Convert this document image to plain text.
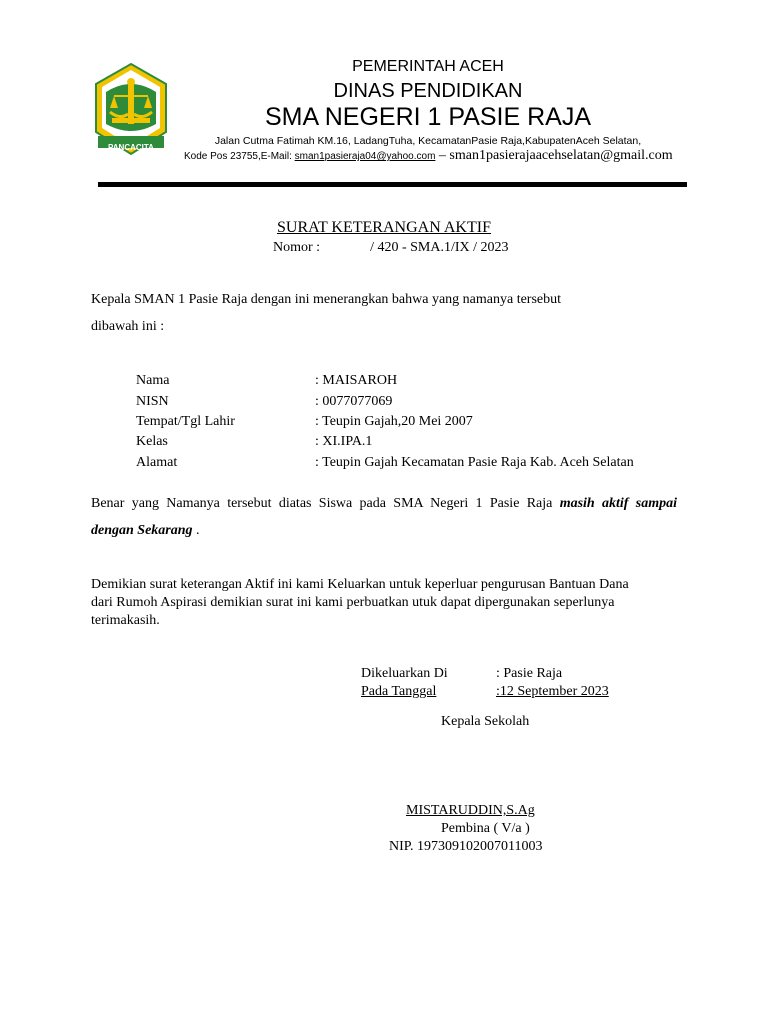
PANCACITA
PEMERINTAH ACEH
DINAS PENDIDIKAN
SMA NEGERI 1 PASIE RAJA
Jalan Cutma Fatimah KM.16, LadangTuha, KecamatanPasie Raja,KabupatenAceh Selatan,
Kode Pos 23755,E-Mail: sman1pasieraja04@yahoo.com – sman1pasierajaacehselatan@gmail.com
SURAT KETERANGAN AKTIF
Nomor :	/ 420 - SMA.1/IX / 2023
Kepala SMAN 1 Pasie Raja dengan ini menerangkan bahwa yang namanya tersebut
dibawah ini :
Nama	: MAISAROH
NISN	: 0077077069
Tempat/Tgl Lahir	: Teupin Gajah,20 Mei 2007
Kelas	: XI.IPA.1
Alamat	: Teupin Gajah Kecamatan Pasie Raja Kab. Aceh Selatan
Benar yang Namanya tersebut diatas Siswa pada SMA Negeri 1 Pasie Raja masih aktif sampai
dengan Sekarang .
Demikian surat keterangan Aktif ini kami Keluarkan untuk keperluar pengurusan Bantuan Dana
dari Rumoh Aspirasi demikian surat ini kami perbuatkan utuk dapat dipergunakan seperlunya
terimakasih.
Dikeluarkan Di	: Pasie Raja
Pada Tanggal	:12 September 2023
Kepala Sekolah
MISTARUDDIN,S.Ag
Pembina ( V/a )
NIP. 197309102007011003
